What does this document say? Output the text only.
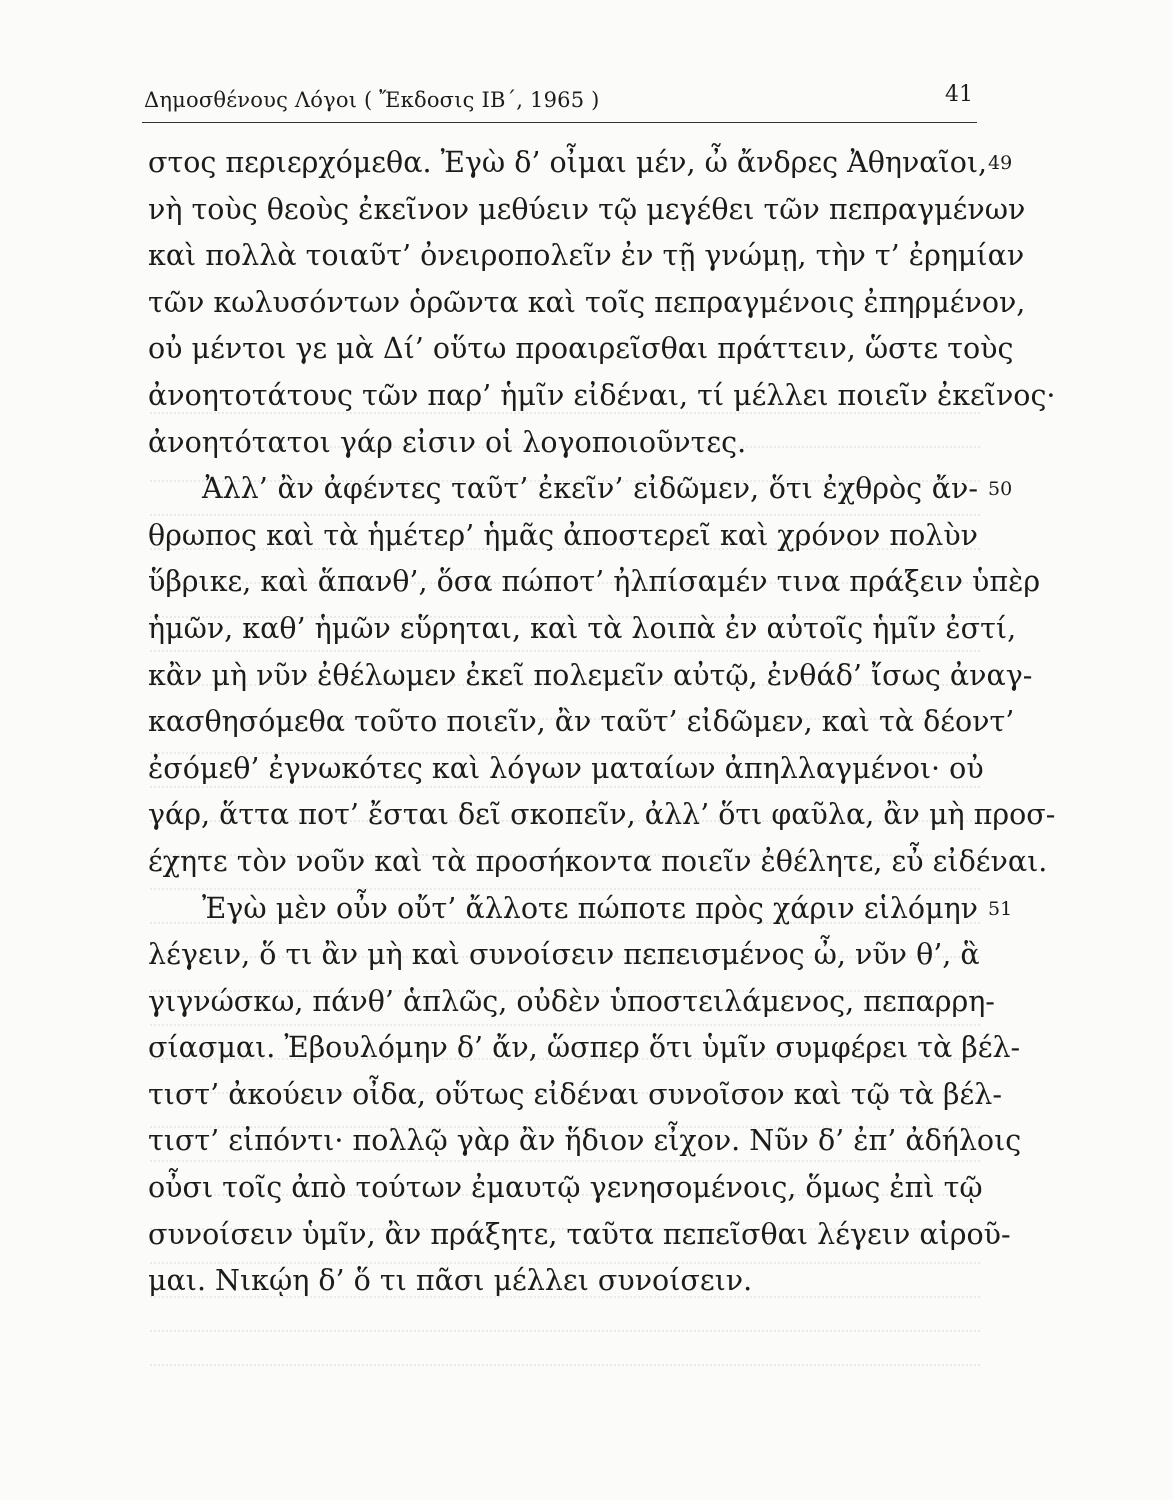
Δημοσθένους Λόγοι ( Ἔκδοσις ΙΒ΄, 1965 )	41
στος περιερχόμεθα. Ἐγὼ δ’ οἶμαι μέν, ὦ ἄνδρες Ἀθηναῖοι, 49
νὴ τοὺς θεοὺς ἐκεῖνον μεθύειν τῷ μεγέθει τῶν πεπραγμένων
καὶ πολλὰ τοιαῦτ’ ὀνειροπολεῖν ἐν τῇ γνώμῃ, τὴν τ’ ἐρημίαν
τῶν κωλυσόντων ὁρῶντα καὶ τοῖς πεπραγμένοις ἐπηρμένον,
οὐ μέντοι γε μὰ Δί’ οὕτω προαιρεῖσθαι πράττειν, ὥστε τοὺς
ἀνοητοτάτους τῶν παρ’ ἡμῖν εἰδέναι, τί μέλλει ποιεῖν ἐκεῖνος·
ἀνοητότατοι γάρ εἰσιν οἱ λογοποιοῦντες.
Ἀλλ’ ἂν ἀφέντες ταῦτ’ ἐκεῖν’ εἰδῶμεν, ὅτι ἐχθρὸς ἄν- 50
θρωπος καὶ τὰ ἡμέτερ’ ἡμᾶς ἀποστερεῖ καὶ χρόνον πολὺν
ὕβρικε, καὶ ἅπανθ’, ὅσα πώποτ’ ἠλπίσαμέν τινα πράξειν ὑπὲρ
ἡμῶν, καθ’ ἡμῶν εὕρηται, καὶ τὰ λοιπὰ ἐν αὐτοῖς ἡμῖν ἐστί,
κἂν μὴ νῦν ἐθέλωμεν ἐκεῖ πολεμεῖν αὐτῷ, ἐνθάδ’ ἴσως ἀναγ-
κασθησόμεθα τοῦτο ποιεῖν, ἂν ταῦτ’ εἰδῶμεν, καὶ τὰ δέοντ’
ἐσόμεθ’ ἐγνωκότες καὶ λόγων ματαίων ἀπηλλαγμένοι· οὐ
γάρ, ἅττα ποτ’ ἔσται δεῖ σκοπεῖν, ἀλλ’ ὅτι φαῦλα, ἂν μὴ προσ-
έχητε τὸν νοῦν καὶ τὰ προσήκοντα ποιεῖν ἐθέλητε, εὖ εἰδέναι.
Ἐγὼ μὲν οὖν οὔτ’ ἄλλοτε πώποτε πρὸς χάριν εἱλόμην 51
λέγειν, ὅ τι ἂν μὴ καὶ συνοίσειν πεπεισμένος ὦ, νῦν θ’, ἃ
γιγνώσκω, πάνθ’ ἁπλῶς, οὐδὲν ὑποστειλάμενος, πεπαρρη-
σίασμαι. Ἐβουλόμην δ’ ἄν, ὥσπερ ὅτι ὑμῖν συμφέρει τὰ βέλ-
τιστ’ ἀκούειν οἶδα, οὕτως εἰδέναι συνοῖσον καὶ τῷ τὰ βέλ-
τιστ’ εἰπόντι· πολλῷ γὰρ ἂν ἥδιον εἶχον. Νῦν δ’ ἐπ’ ἀδήλοις
οὖσι τοῖς ἀπὸ τούτων ἐμαυτῷ γενησομένοις, ὅμως ἐπὶ τῷ
συνοίσειν ὑμῖν, ἂν πράξητε, ταῦτα πεπεῖσθαι λέγειν αἱροῦ-
μαι. Νικῴη δ’ ὅ τι πᾶσι μέλλει συνοίσειν.
